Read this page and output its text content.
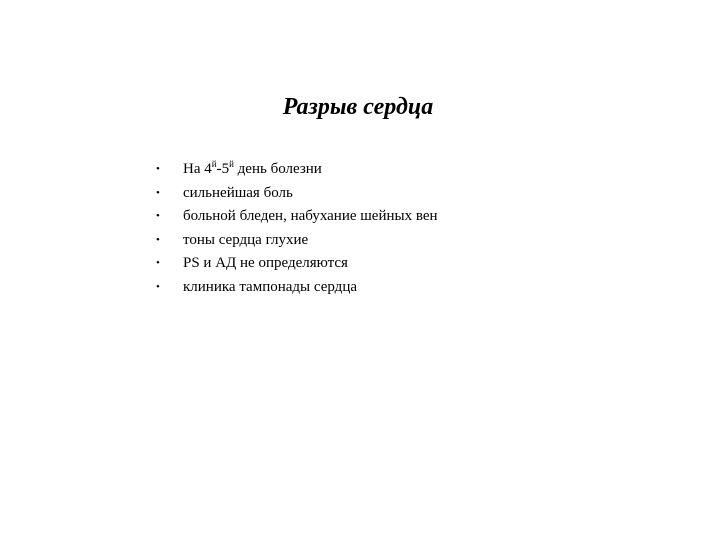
Разрыв сердца
•	На $4^й-5^й$ день болезни
•	сильнейшая боль
•	больной бледен, набухание шейных вен
•	тоны сердца глухие
•	PS и АД не определяются
•	клиника тампонады сердца
